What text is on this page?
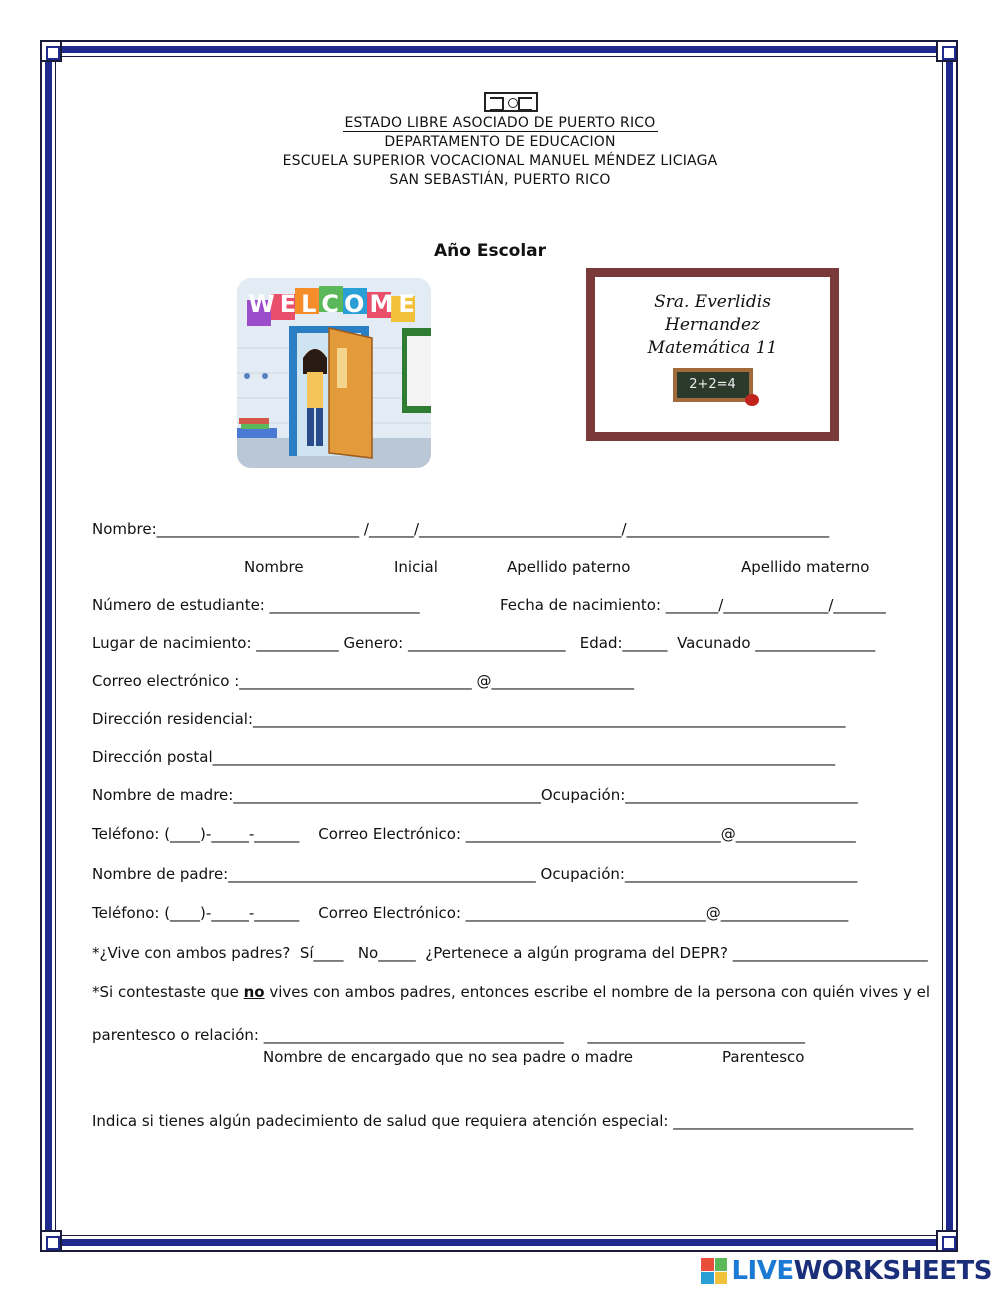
ESTADO LIBRE ASOCIADO DE PUERTO RICO
DEPARTAMENTO DE EDUCACION
ESCUELA SUPERIOR VOCACIONAL MANUEL MÉNDEZ LICIAGA
SAN SEBASTIÁN, PUERTO RICO
Año Escolar
WELCOME	Sra. Everlidis
Hernandez
Matemática 11
2+2=4
Nombre:___________________________ /______/___________________________/___________________________
Nombre	Inicial	Apellido paterno	Apellido materno
Número de estudiante: ____________________	Fecha de nacimiento: _______/______________/_______
Lugar de nacimiento: ___________ Genero: _____________________   Edad:______  Vacunado ________________
Correo electrónico :_______________________________ @___________________
Dirección residencial:_______________________________________________________________________________
Dirección postal___________________________________________________________________________________
Nombre de madre:_________________________________________Ocupación:_______________________________
Teléfono: (____)-_____-______    Correo Electrónico: __________________________________@________________
Nombre de padre:_________________________________________ Ocupación:_______________________________
Teléfono: (____)-_____-______    Correo Electrónico: ________________________________@_________________
*¿Vive con ambos padres?  Sí____   No_____  ¿Pertenece a algún programa del DEPR? __________________________
*Si contestaste que no vives con ambos padres, entonces escribe el nombre de la persona con quién vives y el
parentesco o relación: ________________________________________     _____________________________
Nombre de encargado que no sea padre o madre	Parentesco
Indica si tienes algún padecimiento de salud que requiera atención especial: ________________________________
LIVEWORKSHEETS
